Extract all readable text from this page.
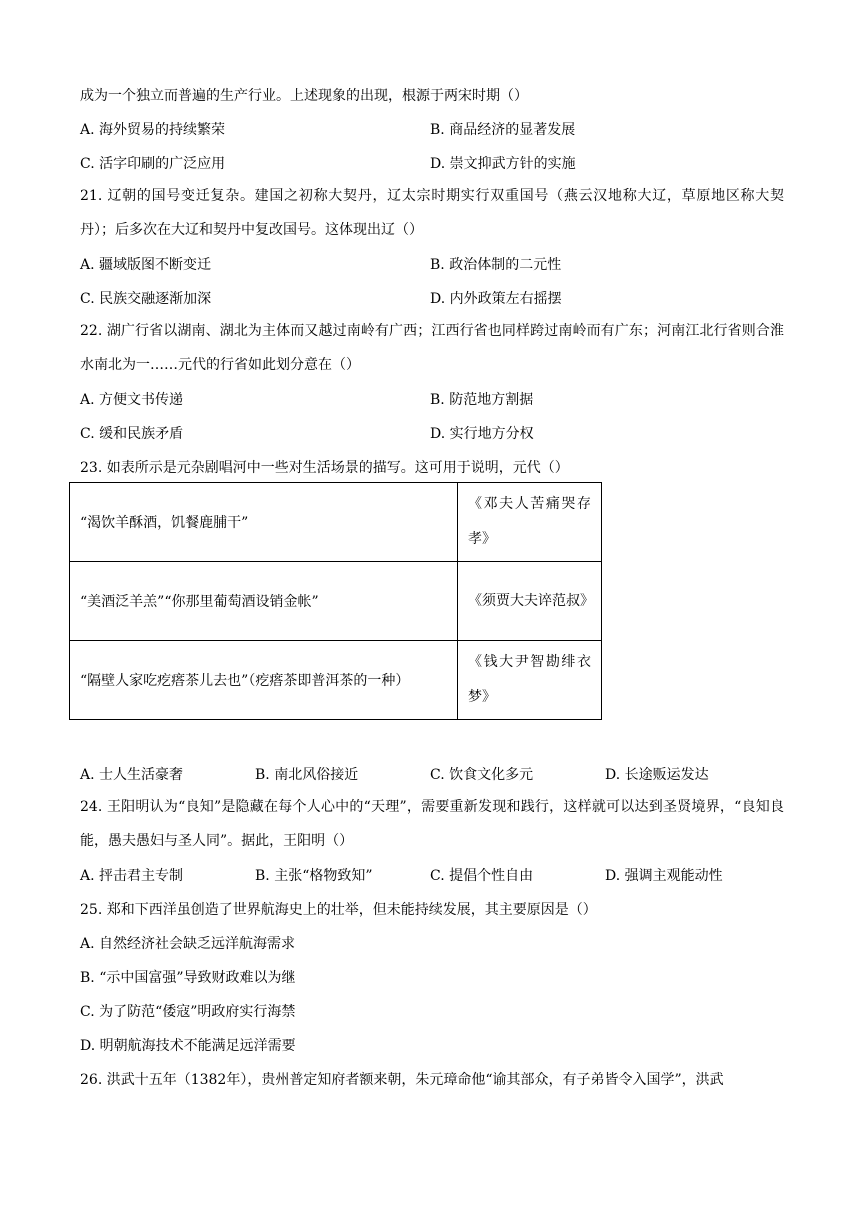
成为一个独立而普遍的生产行业。上述现象的出现，根源于两宋时期（）
A. 海外贸易的持续繁荣	B. 商品经济的显著发展
C. 活字印刷的广泛应用	D. 崇文抑武方针的实施
21. 辽朝的国号变迁复杂。建国之初称大契丹，辽太宗时期实行双重国号（燕云汉地称大辽，草原地区称大契丹）；后多次在大辽和契丹中复改国号。这体现出辽（）
A. 疆域版图不断变迁	B. 政治体制的二元性
C. 民族交融逐渐加深	D. 内外政策左右摇摆
22. 湖广行省以湖南、湖北为主体而又越过南岭有广西；江西行省也同样跨过南岭而有广东；河南江北行省则合淮水南北为一……元代的行省如此划分意在（）
A. 方便文书传递	B. 防范地方割据
C. 缓和民族矛盾	D. 实行地方分权
23. 如表所示是元杂剧唱河中一些对生活场景的描写。这可用于说明，元代（）
“渴饮羊酥酒，饥餐鹿脯干”	《邓夫人苦痛哭存孝》
“美酒泛羊羔”“你那里葡萄酒设销金帐”	《须贾大夫谇范叔》
“隔壁人家吃疙瘩茶儿去也”（疙瘩茶即普洱茶的一种）	《钱大尹智勘绯衣梦》
A. 士人生活豪奢	B. 南北风俗接近	C. 饮食文化多元	D. 长途贩运发达
24. 王阳明认为“良知”是隐藏在每个人心中的“天理”，需要重新发现和践行，这样就可以达到圣贤境界，“良知良能，愚夫愚妇与圣人同”。据此，王阳明（）
A. 抨击君主专制	B. 主张“格物致知”	C. 提倡个性自由	D. 强调主观能动性
25. 郑和下西洋虽创造了世界航海史上的壮举，但未能持续发展，其主要原因是（）
A. 自然经济社会缺乏远洋航海需求
B. “示中国富强”导致财政难以为继
C. 为了防范“倭寇”明政府实行海禁
D. 明朝航海技术不能满足远洋需要
26. 洪武十五年（1382年），贵州普定知府者额来朝，朱元璋命他“谕其部众，有子弟皆令入国学”，洪武
